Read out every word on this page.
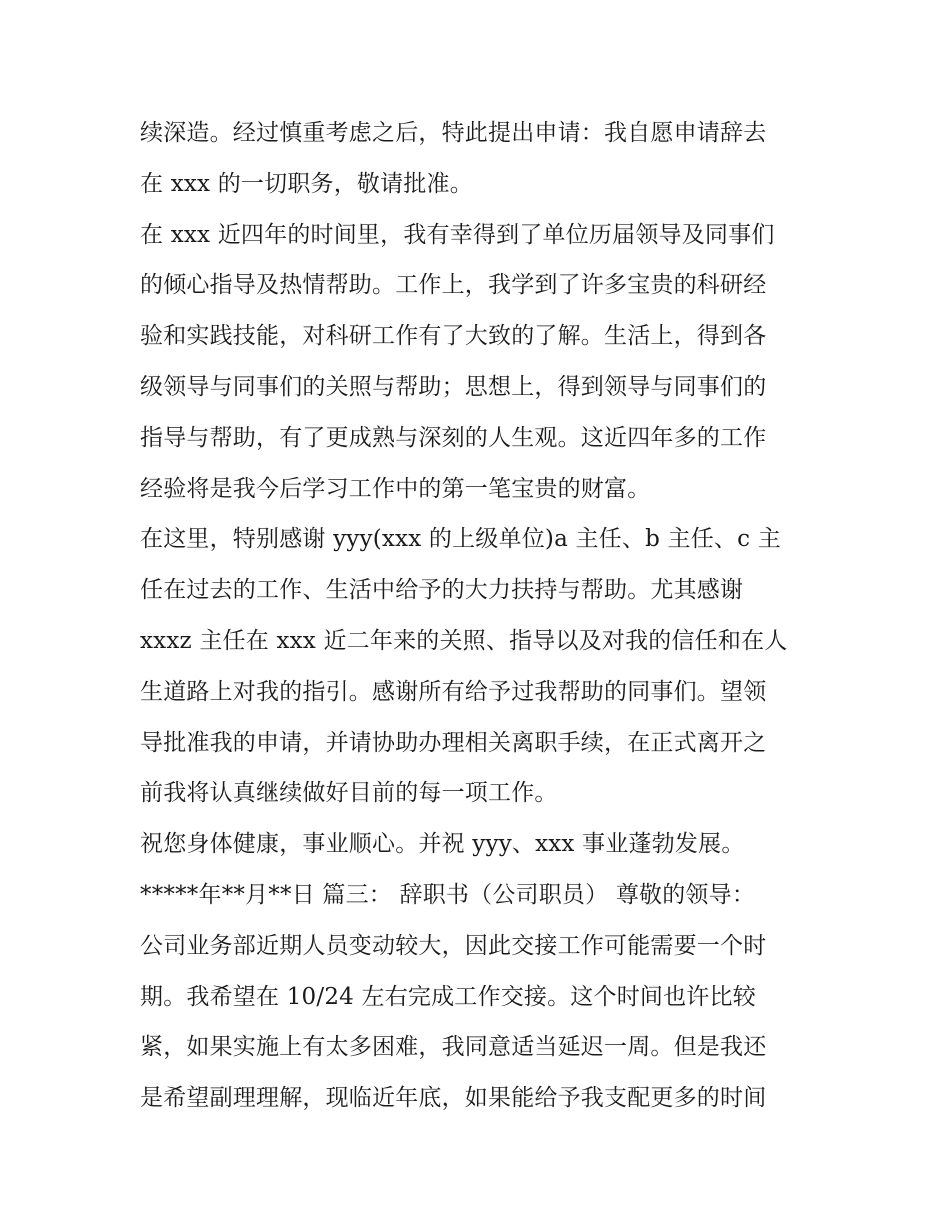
续深造。经过慎重考虑之后，特此提出申请：我自愿申请辞去
在 xxx 的一切职务，敬请批准。
在 xxx 近四年的时间里，我有幸得到了单位历届领导及同事们
的倾心指导及热情帮助。工作上，我学到了许多宝贵的科研经
验和实践技能，对科研工作有了大致的了解。生活上，得到各
级领导与同事们的关照与帮助；思想上，得到领导与同事们的
指导与帮助，有了更成熟与深刻的人生观。这近四年多的工作
经验将是我今后学习工作中的第一笔宝贵的财富。
在这里，特别感谢 yyy(xxx 的上级单位)a 主任、b 主任、c 主
任在过去的工作、生活中给予的大力扶持与帮助。尤其感谢
xxxz 主任在 xxx 近二年来的关照、指导以及对我的信任和在人
生道路上对我的指引。感谢所有给予过我帮助的同事们。望领
导批准我的申请，并请协助办理相关离职手续，在正式离开之
前我将认真继续做好目前的每一项工作。
祝您身体健康，事业顺心。并祝 yyy、xxx 事业蓬勃发展。
*****年**月**日 篇三： 辞职书（公司职员） 尊敬的领导：
公司业务部近期人员变动较大，因此交接工作可能需要一个时
期。我希望在 10/24 左右完成工作交接。这个时间也许比较
紧，如果实施上有太多困难，我同意适当延迟一周。但是我还
是希望副理理解，现临近年底，如果能给予我支配更多的时间
